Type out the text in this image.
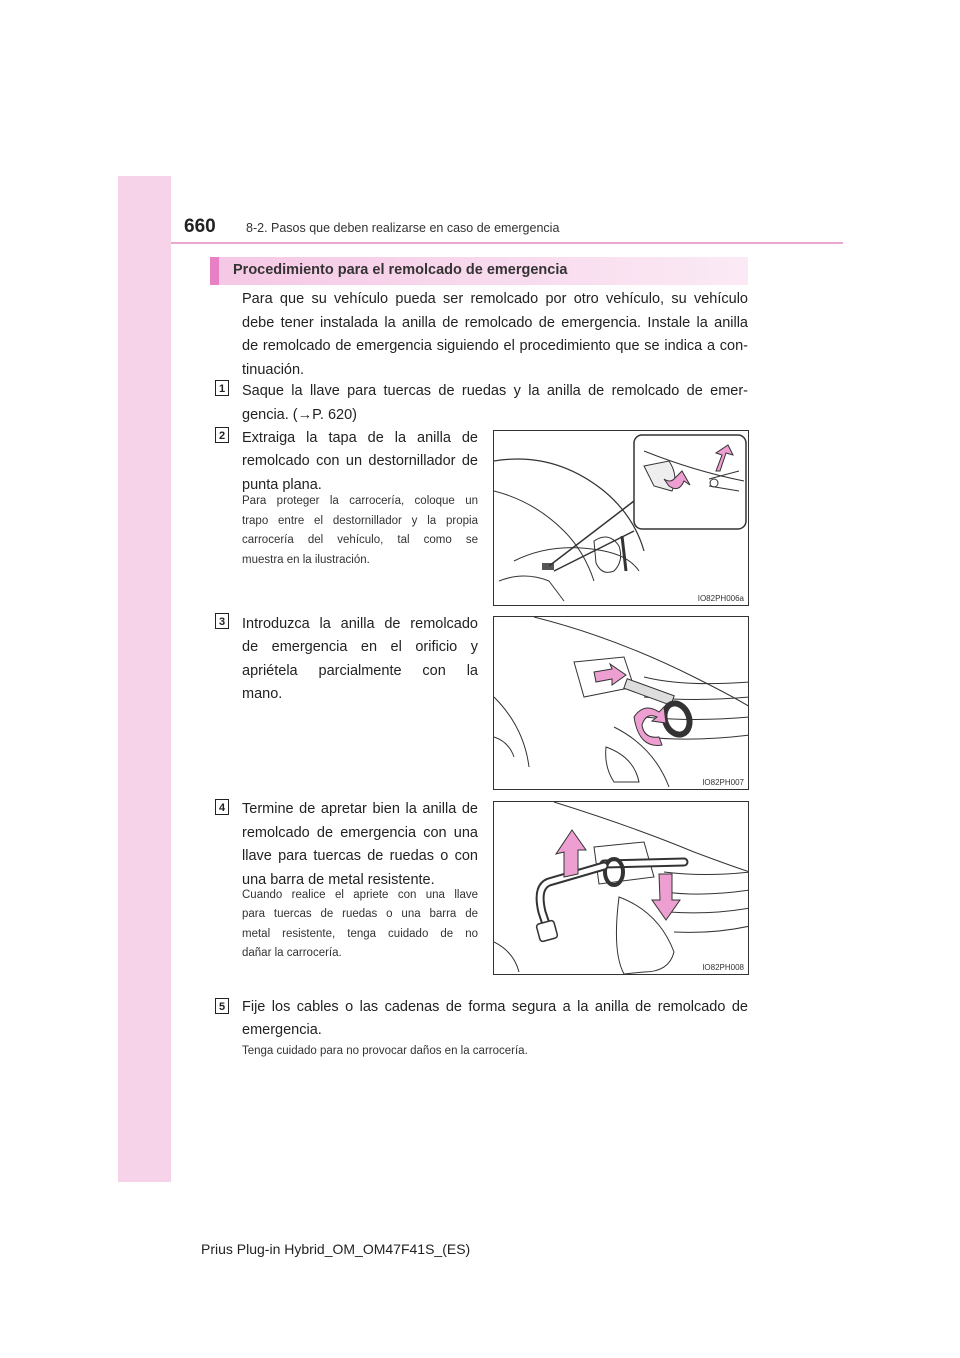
660 8-2. Pasos que deben realizarse en caso de emergencia
Procedimiento para el remolcado de emergencia
Para que su vehículo pueda ser remolcado por otro vehículo, su vehículo
debe tener instalada la anilla de remolcado de emergencia. Instale la anilla
de remolcado de emergencia siguiendo el procedimiento que se indica a con-
tinuación.
1 Saque la llave para tuercas de ruedas y la anilla de remolcado de emer-
gencia. (→P. 620)
2 Extraiga la tapa de la anilla de
remolcado con un destornillador de
punta plana.
Para proteger la carrocería, coloque un
trapo entre el destornillador y la propia
carrocería del vehículo, tal como se
muestra en la ilustración.
IO82PH006a
3 Introduzca la anilla de remolcado
de emergencia en el orificio y
apriételа parcialmente con la
mano.
IO82PH007
4 Termine de apretar bien la anilla de
remolcado de emergencia con una
llave para tuercas de ruedas o con
una barra de metal resistente.
Cuando realice el apriete con una llave
para tuercas de ruedas o una barra de
metal resistente, tenga cuidado de no
dañar la carrocería.
IO82PH008
5 Fije los cables o las cadenas de forma segura a la anilla de remolcado de
emergencia.
Tenga cuidado para no provocar daños en la carrocería.
Prius Plug-in Hybrid_OM_OM47F41S_(ES)
